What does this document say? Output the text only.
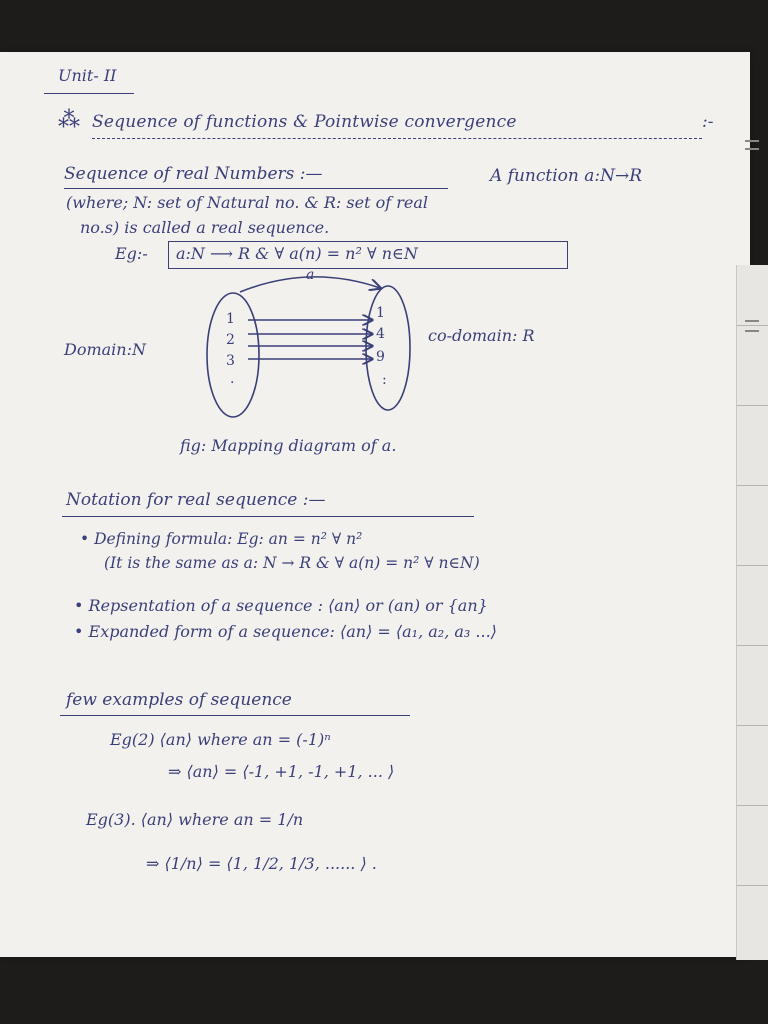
Unit- II
⁂ Sequence of functions & Pointwise convergence	:-
Sequence of real Numbers :—	A function a:N→R
(where; N: set of Natural no. & R: set of real
no.s) is called a real sequence.
Eg:- a:N ⟶ R & ∀ a(n) = n² ∀ n∈N
a
1
2
3
.
1
4
9
:
Domain:N
co-domain: R
fig: Mapping diagram of a.
Notation for real sequence :—
• Defining formula: Eg: an = n² ∀ n²
(It is the same as a: N → R & ∀ a(n) = n² ∀ n∈N)
• Repsentation of a sequence : ⟨an⟩ or (an) or {an}
• Expanded form of a sequence: ⟨an⟩ = ⟨a₁, a₂, a₃ ...⟩
few examples of sequence
Eg(2) ⟨an⟩ where an = (-1)ⁿ
⇒ ⟨an⟩ = ⟨-1, +1, -1, +1, ... ⟩
Eg(3). ⟨an⟩ where an = 1/n
⇒ ⟨1/n⟩ = ⟨1, 1/2, 1/3, ...... ⟩ .
